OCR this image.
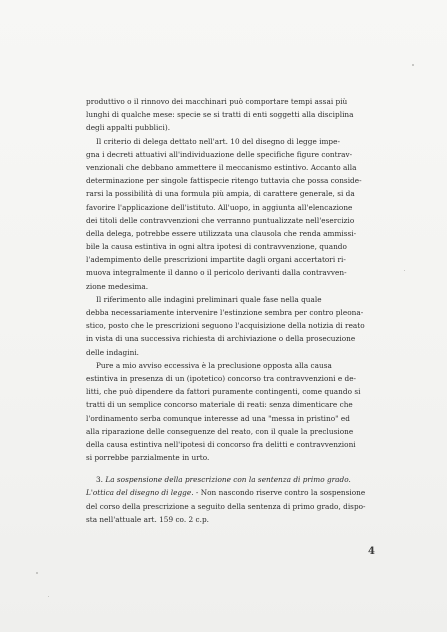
produttivo o il rinnovo dei macchinari può comportare tempi assai più
lunghi di qualche mese: specie se si tratti di enti soggetti alla disciplina
degli appalti pubblici).
Il criterio di delega dettato nell'art. 10 del disegno di legge impe-
gna i decreti attuativi all'individuazione delle specifiche figure contrav-
venzionali che debbano ammettere il meccanismo estintivo. Accanto alla
determinazione per singole fattispecie ritengo tuttavia che possa conside-
rarsi la possibilità di una formula più ampia, di carattere generale, si da
favorire l'applicazione dell'istituto. All'uopo, in aggiunta all'elencazione
dei titoli delle contravvenzioni che verranno puntualizzate nell'esercizio
della delega, potrebbe essere utilizzata una clausola che renda ammissi-
bile la causa estintiva in ogni altra ipotesi di contravvenzione, quando
l'adempimento delle prescrizioni impartite dagli organi accertatori ri-
muova integralmente il danno o il pericolo derivanti dalla contravven-
zione medesima.
Il riferimento alle indagini preliminari quale fase nella quale
debba necessariamente intervenire l'estinzione sembra per contro pleona-
stico, posto che le prescrizioni seguono l'acquisizione della notizia di reato
in vista di una successiva richiesta di archiviazione o della prosecuzione
delle indagini.
Pure a mio avviso eccessiva è la preclusione opposta alla causa
estintiva in presenza di un (ipotetico) concorso tra contravvenzioni e de-
litti, che può dipendere da fattori puramente contingenti, come quando si
tratti di un semplice concorso materiale di reati: senza dimenticare che
l'ordinamento serba comunque interesse ad una "messa in pristino" ed
alla riparazione delle conseguenze del reato, con il quale la preclusione
della causa estintiva nell'ipotesi di concorso fra delitti e contravvenzioni
si porrebbe parzialmente in urto.
3. La sospensione della prescrizione con la sentenza di primo grado.
L'ottica del disegno di legge. - Non nascondo riserve contro la sospensione
del corso della prescrizione a seguito della sentenza di primo grado, dispo-
sta nell'attuale art. 159 co. 2 c.p.
4
